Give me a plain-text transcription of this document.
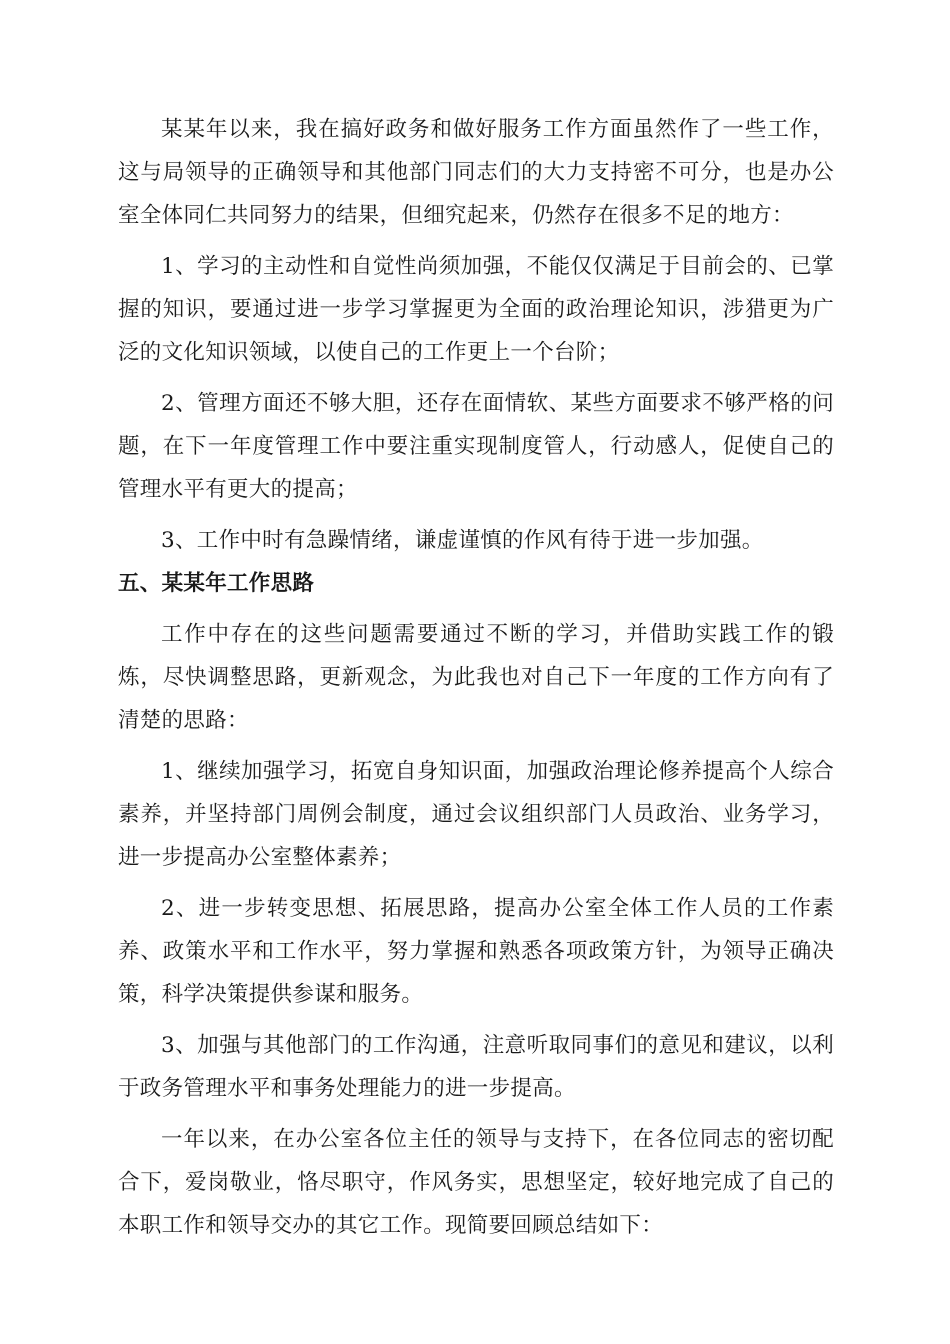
某某年以来，我在搞好政务和做好服务工作方面虽然作了一些工作，这与局领导的正确领导和其他部门同志们的大力支持密不可分，也是办公室全体同仁共同努力的结果，但细究起来，仍然存在很多不足的地方：

1、学习的主动性和自觉性尚须加强，不能仅仅满足于目前会的、已掌握的知识，要通过进一步学习掌握更为全面的政治理论知识，涉猎更为广泛的文化知识领域，以使自己的工作更上一个台阶；

2、管理方面还不够大胆，还存在面情软、某些方面要求不够严格的问题，在下一年度管理工作中要注重实现制度管人，行动感人，促使自己的管理水平有更大的提高；

3、工作中时有急躁情绪，谦虚谨慎的作风有待于进一步加强。

五、某某年工作思路

工作中存在的这些问题需要通过不断的学习，并借助实践工作的锻炼，尽快调整思路，更新观念，为此我也对自己下一年度的工作方向有了清楚的思路：

1、继续加强学习，拓宽自身知识面，加强政治理论修养提高个人综合素养，并坚持部门周例会制度，通过会议组织部门人员政治、业务学习，进一步提高办公室整体素养；

2、进一步转变思想、拓展思路，提高办公室全体工作人员的工作素养、政策水平和工作水平，努力掌握和熟悉各项政策方针，为领导正确决策，科学决策提供参谋和服务。

3、加强与其他部门的工作沟通，注意听取同事们的意见和建议，以利于政务管理水平和事务处理能力的进一步提高。

一年以来，在办公室各位主任的领导与支持下，在各位同志的密切配合下，爱岗敬业，恪尽职守，作风务实，思想坚定，较好地完成了自己的本职工作和领导交办的其它工作。现简要回顾总结如下：
